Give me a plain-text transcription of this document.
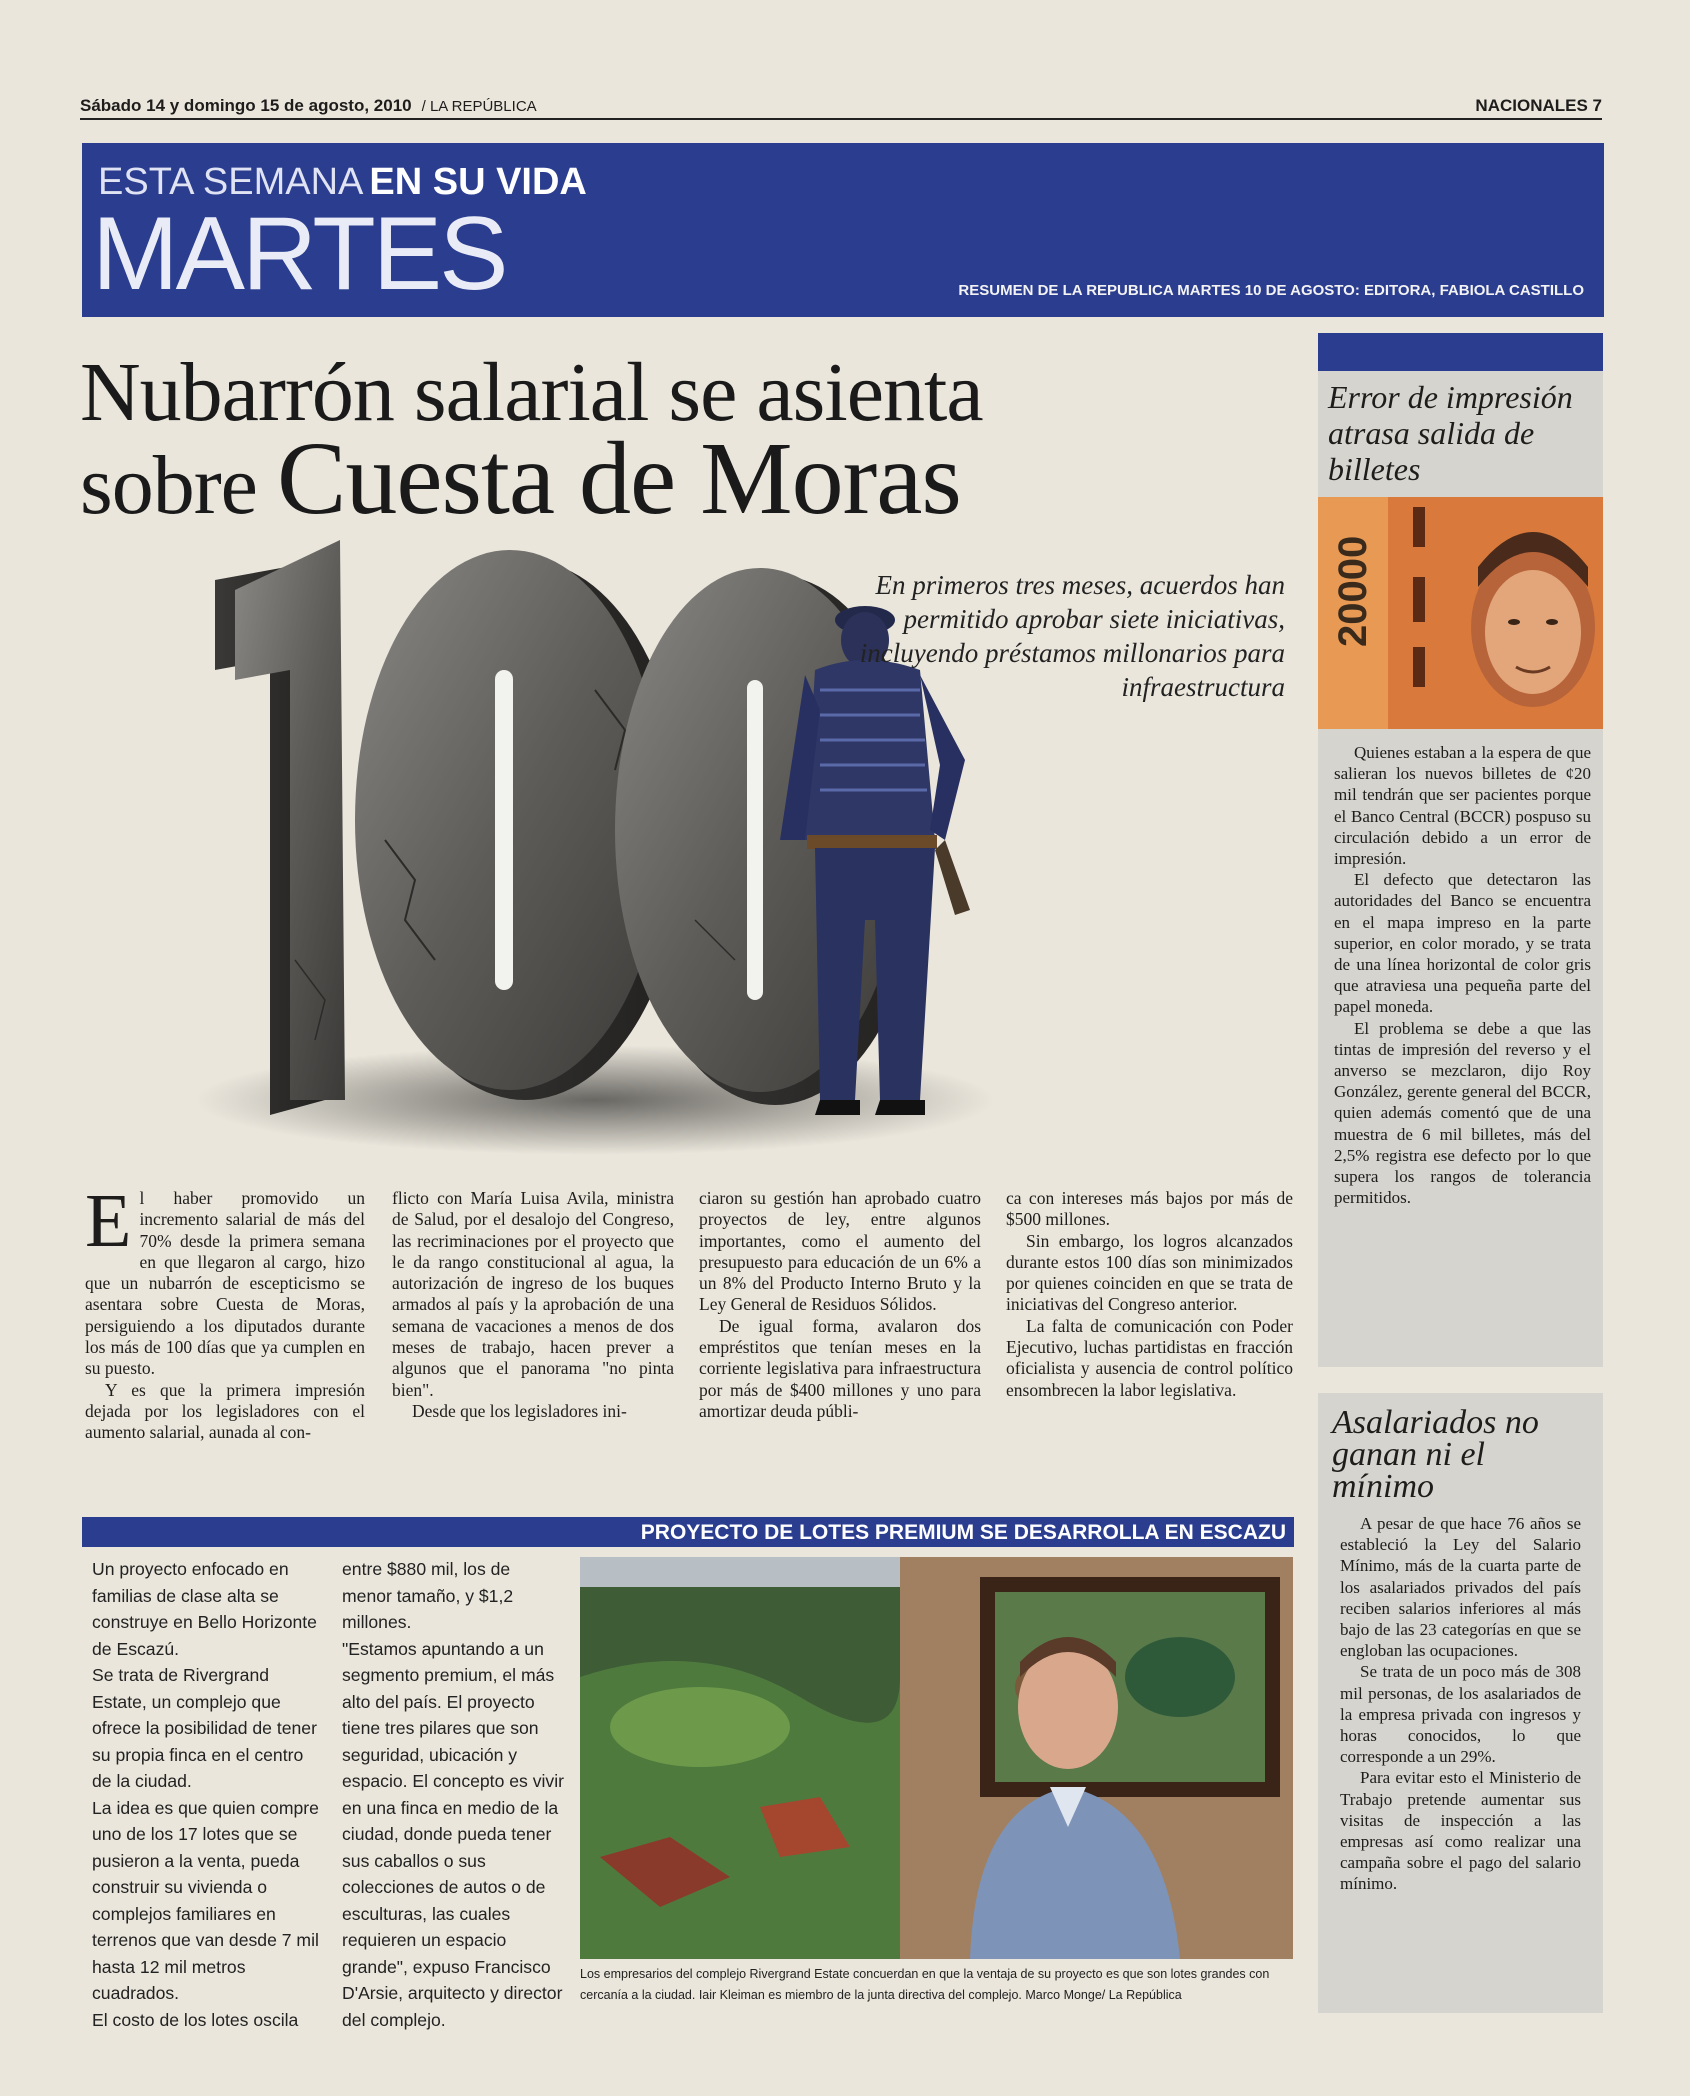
Sábado 14 y domingo 15 de agosto, 2010 / LA REPÚBLICA	NACIONALES 7
ESTA SEMANA EN SU VIDA
MARTES	RESUMEN DE LA REPUBLICA MARTES 10 DE AGOSTO: EDITORA, FABIOLA CASTILLO
Nubarrón salarial se asienta
sobre Cuesta de Moras
En primeros tres meses, acuerdos han permitido aprobar siete iniciativas, incluyendo préstamos millonarios para infraestructura

El haber promovido un incremento salarial de más del 70% desde la primera semana en que llegaron al cargo, hizo que un nubarrón de escepticismo se asentara sobre Cuesta de Moras, persiguiendo a los diputados durante los más de 100 días que ya cumplen en su puesto.

Y es que la primera impresión dejada por los legisladores con el aumento salarial, aunada al con-

flicto con María Luisa Avila, ministra de Salud, por el desalojo del Congreso, las recriminaciones por el proyecto que le da rango constitucional al agua, la autorización de ingreso de los buques armados al país y la aprobación de una semana de vacaciones a menos de dos meses de trabajo, hacen prever a algunos que el panorama "no pinta bien".

Desde que los legisladores ini-

ciaron su gestión han aprobado cuatro proyectos de ley, entre algunos importantes, como el aumento del presupuesto para educación de un 6% a un 8% del Producto Interno Bruto y la Ley General de Residuos Sólidos.

De igual forma, avalaron dos empréstitos que tenían meses en la corriente legislativa para infraestructura por más de $400 millones y uno para amortizar deuda públi-

ca con intereses más bajos por más de $500 millones.

Sin embargo, los logros alcanzados durante estos 100 días son minimizados por quienes coinciden en que se trata de iniciativas del Congreso anterior.

La falta de comunicación con Poder Ejecutivo, luchas partidistas en fracción oficialista y ausencia de control político ensombrecen la labor legislativa.

Error de impresión atrasa salida de billetes
20000

Quienes estaban a la espera de que salieran los nuevos billetes de ¢20 mil tendrán que ser pacientes porque el Banco Central (BCCR) pospuso su circulación debido a un error de impresión.

El defecto que detectaron las autoridades del Banco se encuentra en el mapa impreso en la parte superior, en color morado, y se trata de una línea horizontal de color gris que atraviesa una pequeña parte del papel moneda.

El problema se debe a que las tintas de impresión del reverso y el anverso se mezclaron, dijo Roy González, gerente general del BCCR, quien además comentó que de una muestra de 6 mil billetes, más del 2,5% registra ese defecto por lo que supera los rangos de tolerancia permitidos.

Asalariados no ganan ni el mínimo

A pesar de que hace 76 años se estableció la Ley del Salario Mínimo, más de la cuarta parte de los asalariados privados del país reciben salarios inferiores al más bajo de las 23 categorías en que se engloban las ocupaciones.

Se trata de un poco más de 308 mil personas, de los asalariados de la empresa privada con ingresos y horas conocidos, lo que corresponde a un 29%.

Para evitar esto el Ministerio de Trabajo pretende aumentar sus visitas de inspección a las empresas así como realizar una campaña sobre el pago del salario mínimo.

PROYECTO DE LOTES PREMIUM SE DESARROLLA EN ESCAZU

Un proyecto enfocado en familias de clase alta se construye en Bello Horizonte de Escazú.

Se trata de Rivergrand Estate, un complejo que ofrece la posibilidad de tener su propia finca en el centro de la ciudad.

La idea es que quien compre uno de los 17 lotes que se pusieron a la venta, pueda construir su vivienda o complejos familiares en terrenos que van desde 7 mil hasta 12 mil metros cuadrados.

El costo de los lotes oscila

entre $880 mil, los de menor tamaño, y $1,2 millones.

"Estamos apuntando a un segmento premium, el más alto del país. El proyecto tiene tres pilares que son seguridad, ubicación y espacio. El concepto es vivir en una finca en medio de la ciudad, donde pueda tener sus caballos o sus colecciones de autos o de esculturas, las cuales requieren un espacio grande", expuso Francisco D'Arsie, arquitecto y director del complejo.

Los empresarios del complejo Rivergrand Estate concuerdan en que la ventaja de su proyecto es que son lotes grandes con cercanía a la ciudad. Iair Kleiman es miembro de la junta directiva del complejo. Marco Monge/ La República
